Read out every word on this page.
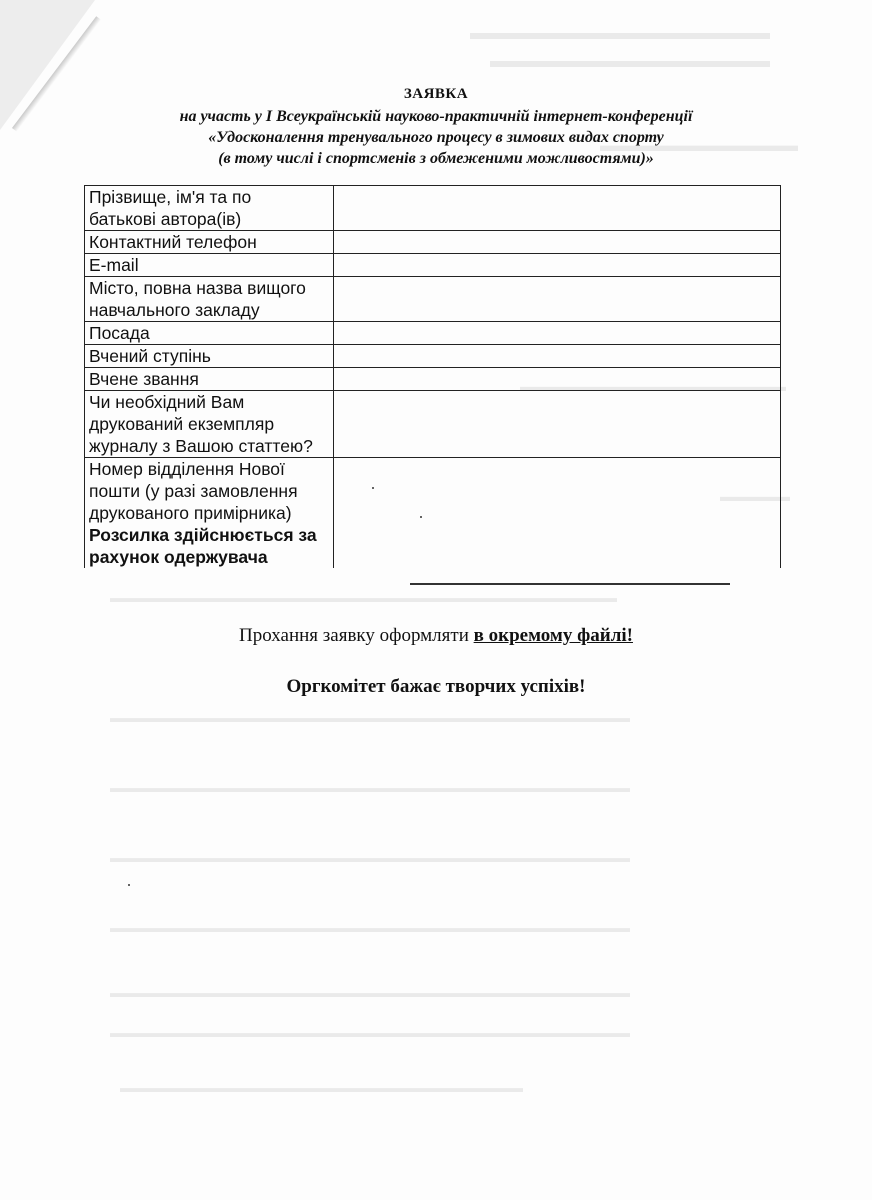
▬▬▬▬▬▬▬▬▬▬▬▬▬▬▬
▬▬▬▬▬▬▬▬▬▬▬▬▬▬
▬▬▬▬▬▬▬▬▬▬▬
▬▬▬▬▬▬▬▬▬▬▬▬▬▬▬▬▬▬▬
▬▬▬▬▬
▬▬▬▬▬▬▬▬▬▬▬▬▬▬▬▬▬▬▬▬▬▬▬▬▬▬▬▬▬▬▬▬▬▬▬▬▬▬▬
▬▬▬▬▬▬▬▬▬▬▬▬▬▬▬▬▬▬▬▬▬▬▬▬▬▬▬▬▬▬▬▬▬▬▬▬▬▬▬▬
▬▬▬▬▬▬▬▬▬▬▬▬▬▬▬▬▬▬▬▬▬▬▬▬▬▬▬▬▬▬▬▬▬▬▬▬▬▬▬▬
▬▬▬▬▬▬▬▬▬▬▬▬▬▬▬▬▬▬▬▬▬▬▬▬▬▬▬▬▬▬▬▬▬▬▬▬▬▬▬▬
▬▬▬▬▬▬▬▬▬▬▬▬▬▬▬▬▬▬▬▬▬▬▬▬▬▬▬▬▬▬▬▬▬▬▬▬▬▬▬▬
▬▬▬▬▬▬▬▬▬▬▬▬▬▬▬▬▬▬▬▬▬▬▬▬▬▬▬▬▬▬▬▬▬▬▬▬▬▬▬▬
▬▬▬▬▬▬▬▬▬▬▬▬▬▬▬▬▬▬▬▬▬▬▬▬▬▬▬▬▬▬▬▬▬▬▬▬▬▬▬▬
▬▬▬▬▬▬▬▬▬▬▬▬▬▬▬▬▬▬▬▬▬▬▬▬▬▬▬▬▬▬▬
ЗАЯВКА
на участь у І Всеукраїнській науково-практичній інтернет-конференції
«Удосконалення тренувального процесу в зимових видах спорту
(в тому числі і спортсменів з обмеженими можливостями)»
Прізвище, ім'я та по
батькові автора(ів)	

Контактний телефон	

E-mail	

Місто, повна назва вищого
навчального закладу	

Посада	

Вчений ступінь	

Вчене звання	

Чи необхідний Вам
друкований екземпляр
журналу з Вашою статтею?	

Номер відділення Нової
пошти (у разі замовлення
друкованого примірника)
Розсилка здійснюється за
рахунок одержувача	

Прохання заявку оформляти в окремому файлі!
Оргкомітет бажає творчих успіхів!
